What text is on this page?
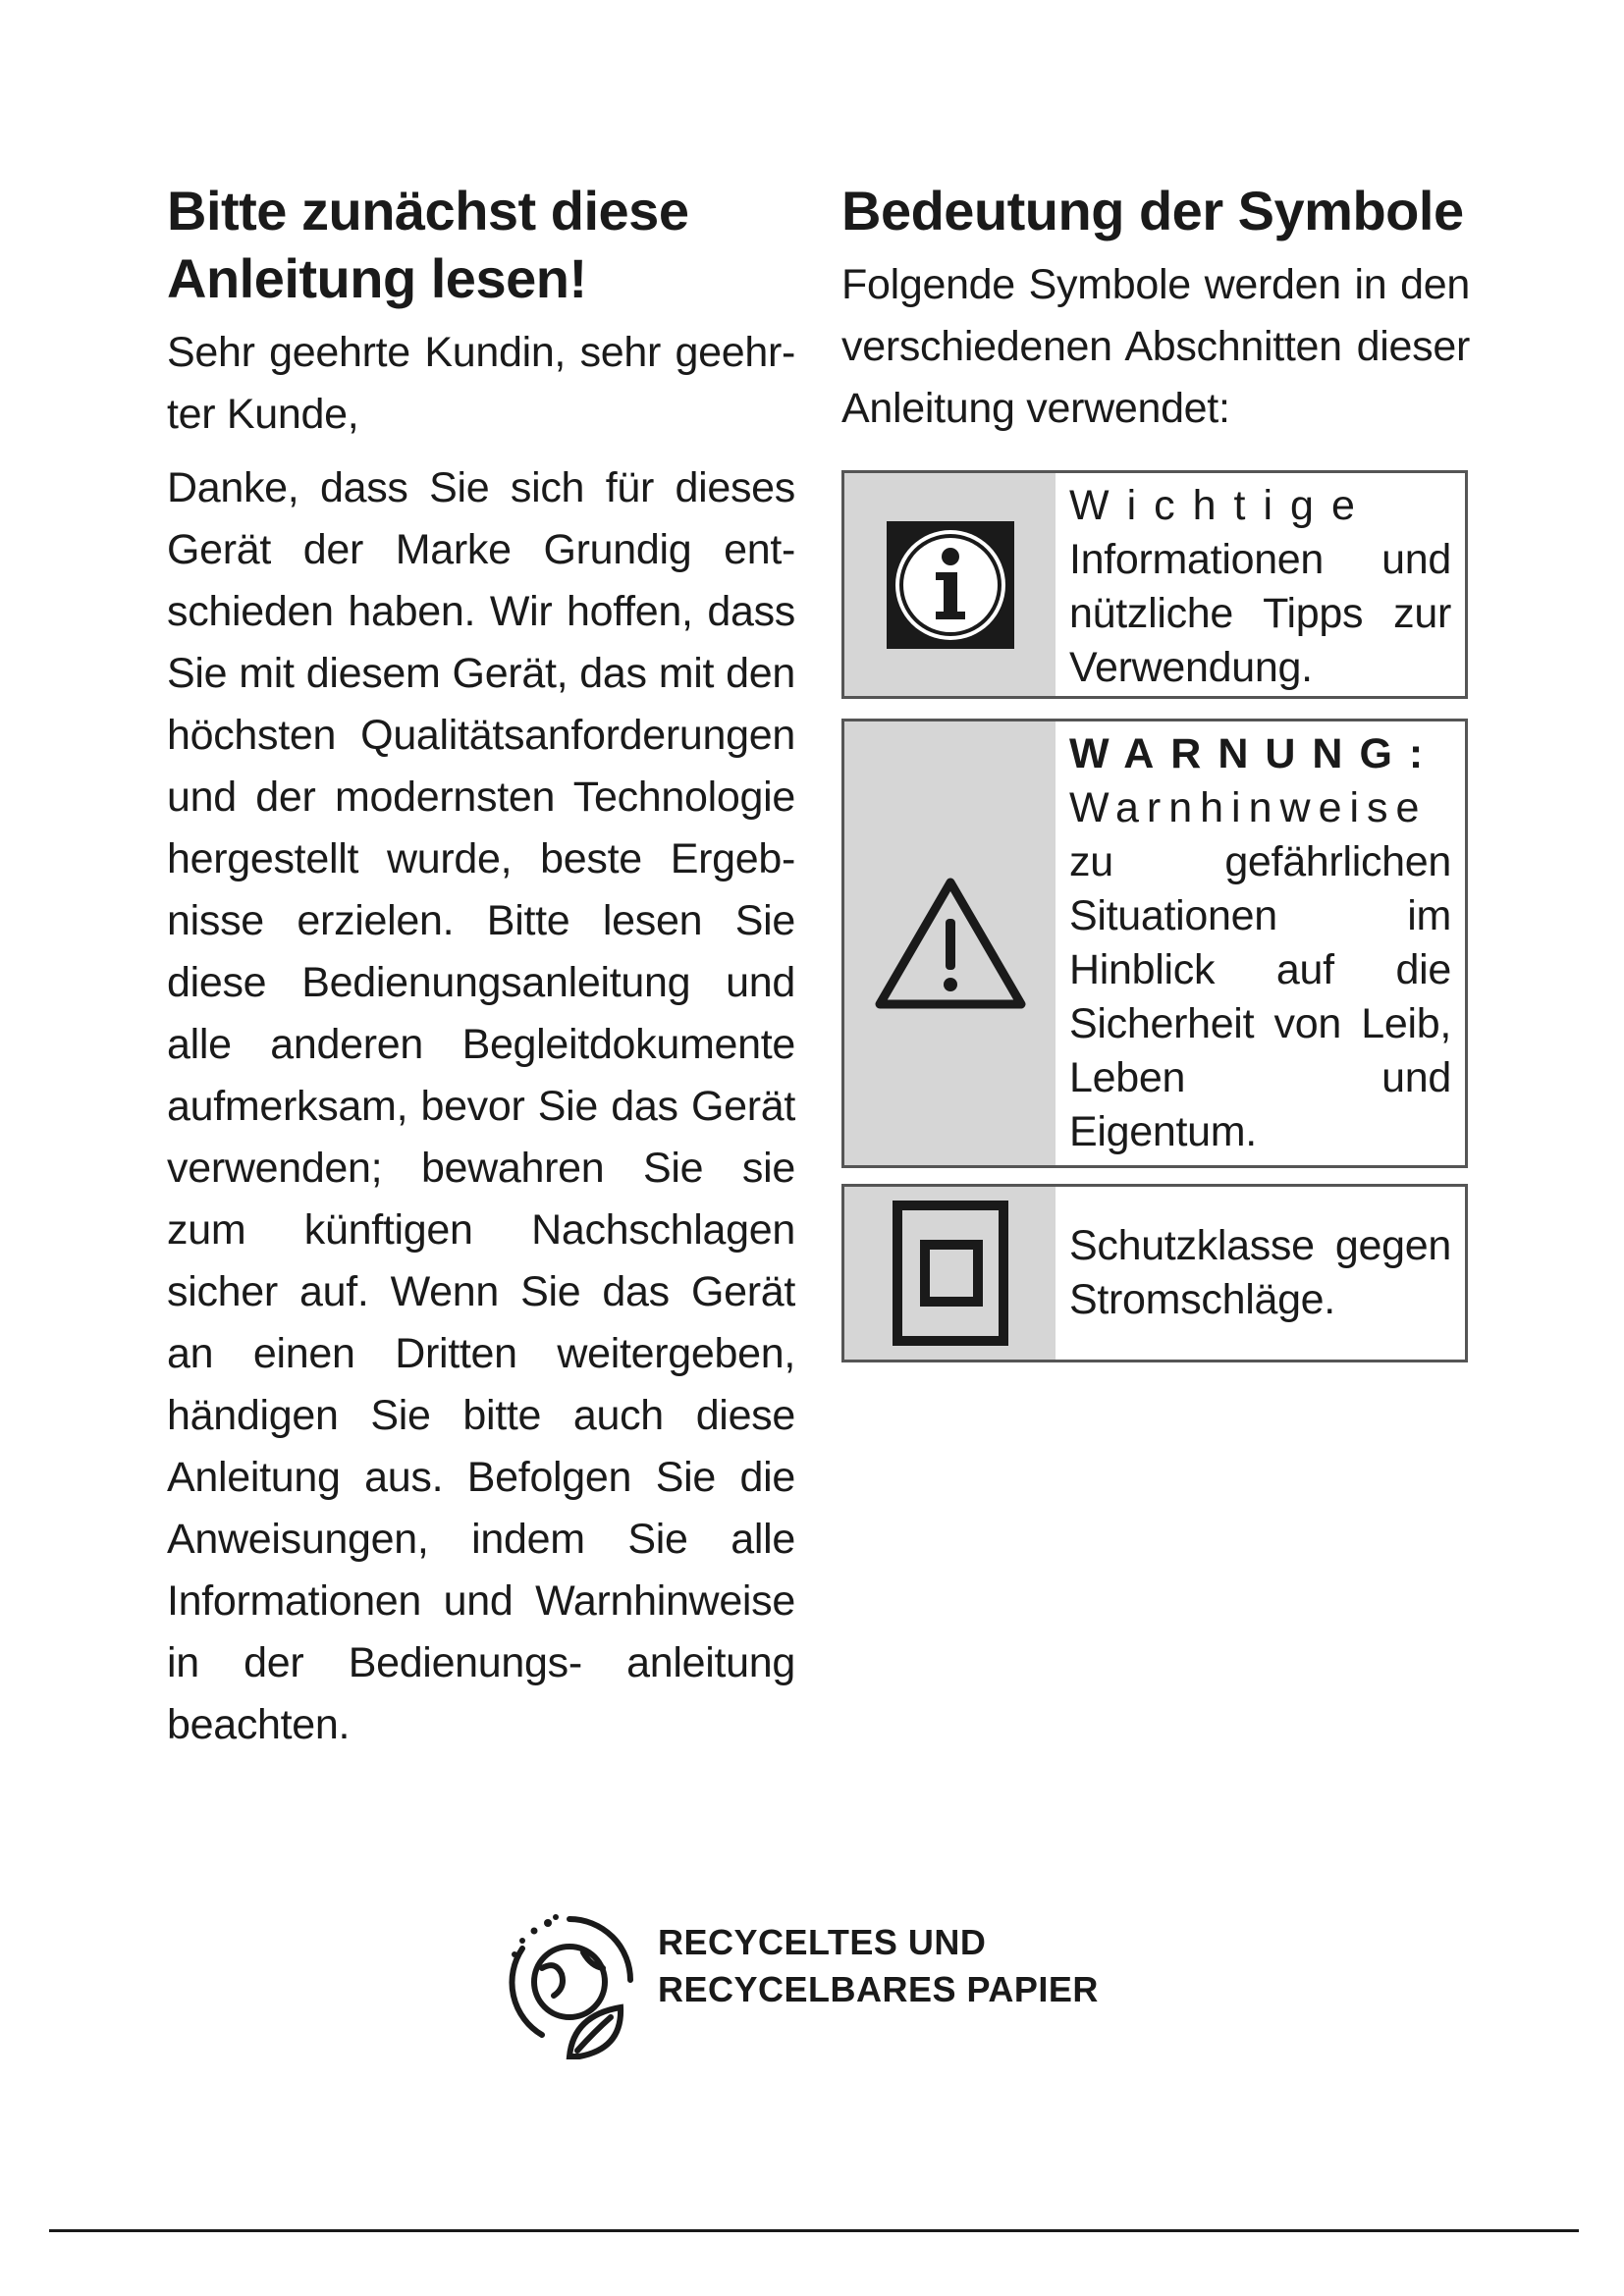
Bitte zunächst diese Anleitung lesen!

Sehr geehrte Kundin, sehr geehr- ter Kunde,

Danke, dass Sie sich für dieses Gerät der Marke Grundig ent- schieden haben. Wir hoffen, dass Sie mit diesem Gerät, das mit den höchsten Qualitätsanforderungen und der modernsten Technologie hergestellt wurde, beste Ergeb- nisse erzielen. Bitte lesen Sie diese Bedienungsanleitung und alle anderen Begleitdokumente aufmerksam, bevor Sie das Gerät verwenden; bewahren Sie sie zum künftigen Nachschlagen sicher auf. Wenn Sie das Gerät an einen Dritten weitergeben, händigen Sie bitte auch diese Anleitung aus. Befolgen Sie die Anweisungen, indem Sie alle Informationen und Warnhinweise in der Bedienungs- anleitung beachten.

Bedeutung der Symbole

Folgende Symbole werden in den verschiedenen Abschnitten dieser Anleitung verwendet:

Wichtige
Informationen und nützliche Tipps zur Verwendung.
WARNUNG:
Warnhinweise
zu gefährlichen Situationen im Hinblick auf die Sicherheit von Leib, Leben und Eigentum.
Schutzklasse gegen Stromschläge.
RECYCELTES UND
RECYCELBARES PAPIER
